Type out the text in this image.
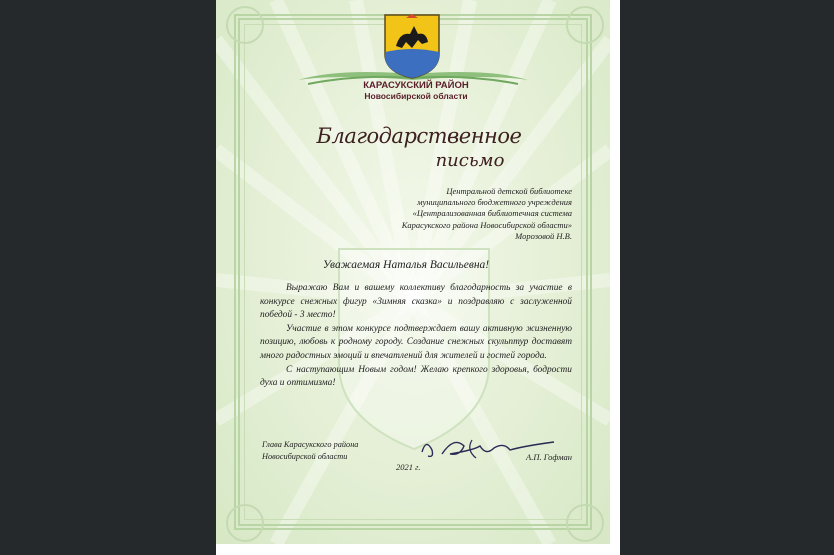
КАРАСУКСКИЙ РАЙОН
Новосибирской области
Благодарственное
письмо
Центральной детской библиотеке
муниципального бюджетного учреждения
«Централизованная библиотечная система
Карасукского района Новосибирской области»
Морозовой Н.В.
Уважаемая Наталья Васильевна!

Выражаю Вам и вашему коллективу благодарность за участие в конкурсе снежных фигур «Зимняя сказка» и поздравляю с заслуженной победой - 3 место!

Участие в этом конкурсе подтверждает вашу активную жизненную позицию, любовь к родному городу. Создание снежных скульптур доставят много радостных эмоций и впечатлений для жителей и гостей города.

С наступающим Новым годом! Желаю крепкого здоровья, бодрости духа и оптимизма!

Глава Карасукского района
Новосибирской области	А.П. Гофман
2021 г.
